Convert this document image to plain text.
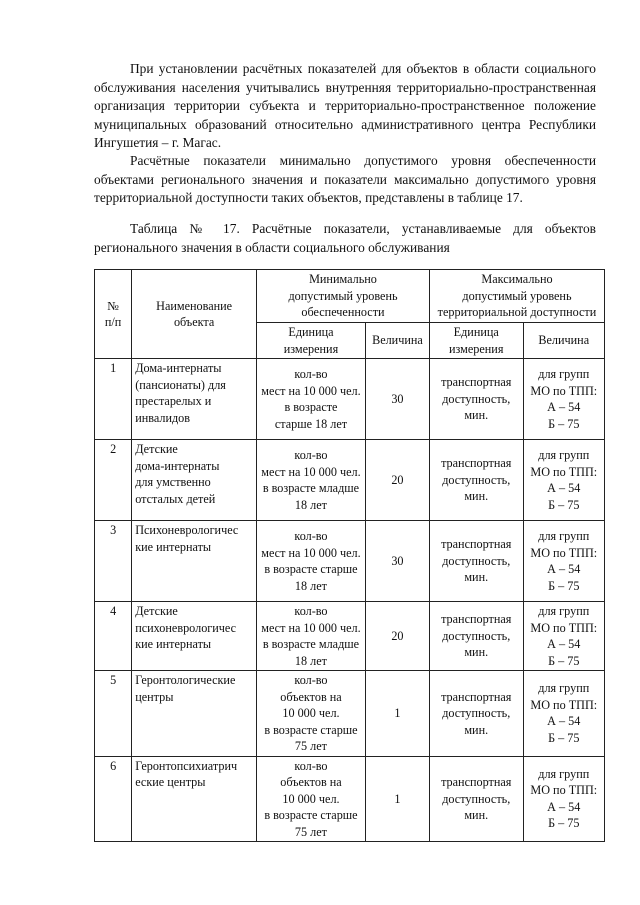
При установлении расчётных показателей для объектов в области социального обслуживания населения учитывались внутренняя территориально-пространственная организация территории субъекта и территориально-пространственное положение муниципальных образований относительно административного центра Республики Ингушетия – г. Магас.
Расчётные показатели минимально допустимого уровня обеспеченности объектами регионального значения и показатели максимально допустимого уровня территориальной доступности таких объектов, представлены в таблице 17.
Таблица № 17. Расчётные показатели, устанавливаемые для объектов регионального значения в области социального обслуживания
№
п/п	Наименование
объекта	Минимально
допустимый уровень
обеспеченности		Максимально
допустимый уровень
территориальной доступности	
		Единица
измерения	Величина	Единица
измерения	Величина
1	Дома-интернаты
(пансионаты) для
престарелых и
инвалидов	кол-во
мест на 10 000 чел.
в возрасте
старше 18 лет	30	транспортная
доступность,
мин.	для групп
МО по ТПП:
А – 54
Б – 75
2	Детские
дома-интернаты
для умственно
отсталых детей	кол-во
мест на 10 000 чел.
в возрасте младше
18 лет	20	транспортная
доступность,
мин.	для групп
МО по ТПП:
А – 54
Б – 75
3	Психоневрологичес
кие интернаты	кол-во
мест на 10 000 чел.
в возрасте старше
18 лет	30	транспортная
доступность,
мин.	для групп
МО по ТПП:
А – 54
Б – 75
4	Детские
психоневрологичес
кие интернаты	кол-во
мест на 10 000 чел.
в возрасте младше
18 лет	20	транспортная
доступность,
мин.	для групп
МО по ТПП:
А – 54
Б – 75
5	Геронтологические
центры	кол-во
объектов на
10 000 чел.
в возрасте старше
75 лет	1	транспортная
доступность,
мин.	для групп
МО по ТПП:
А – 54
Б – 75
6	Геронтопсихиатрич
еские центры	кол-во
объектов на
10 000 чел.
в возрасте старше
75 лет	1	транспортная
доступность,
мин.	для групп
МО по ТПП:
А – 54
Б – 75
